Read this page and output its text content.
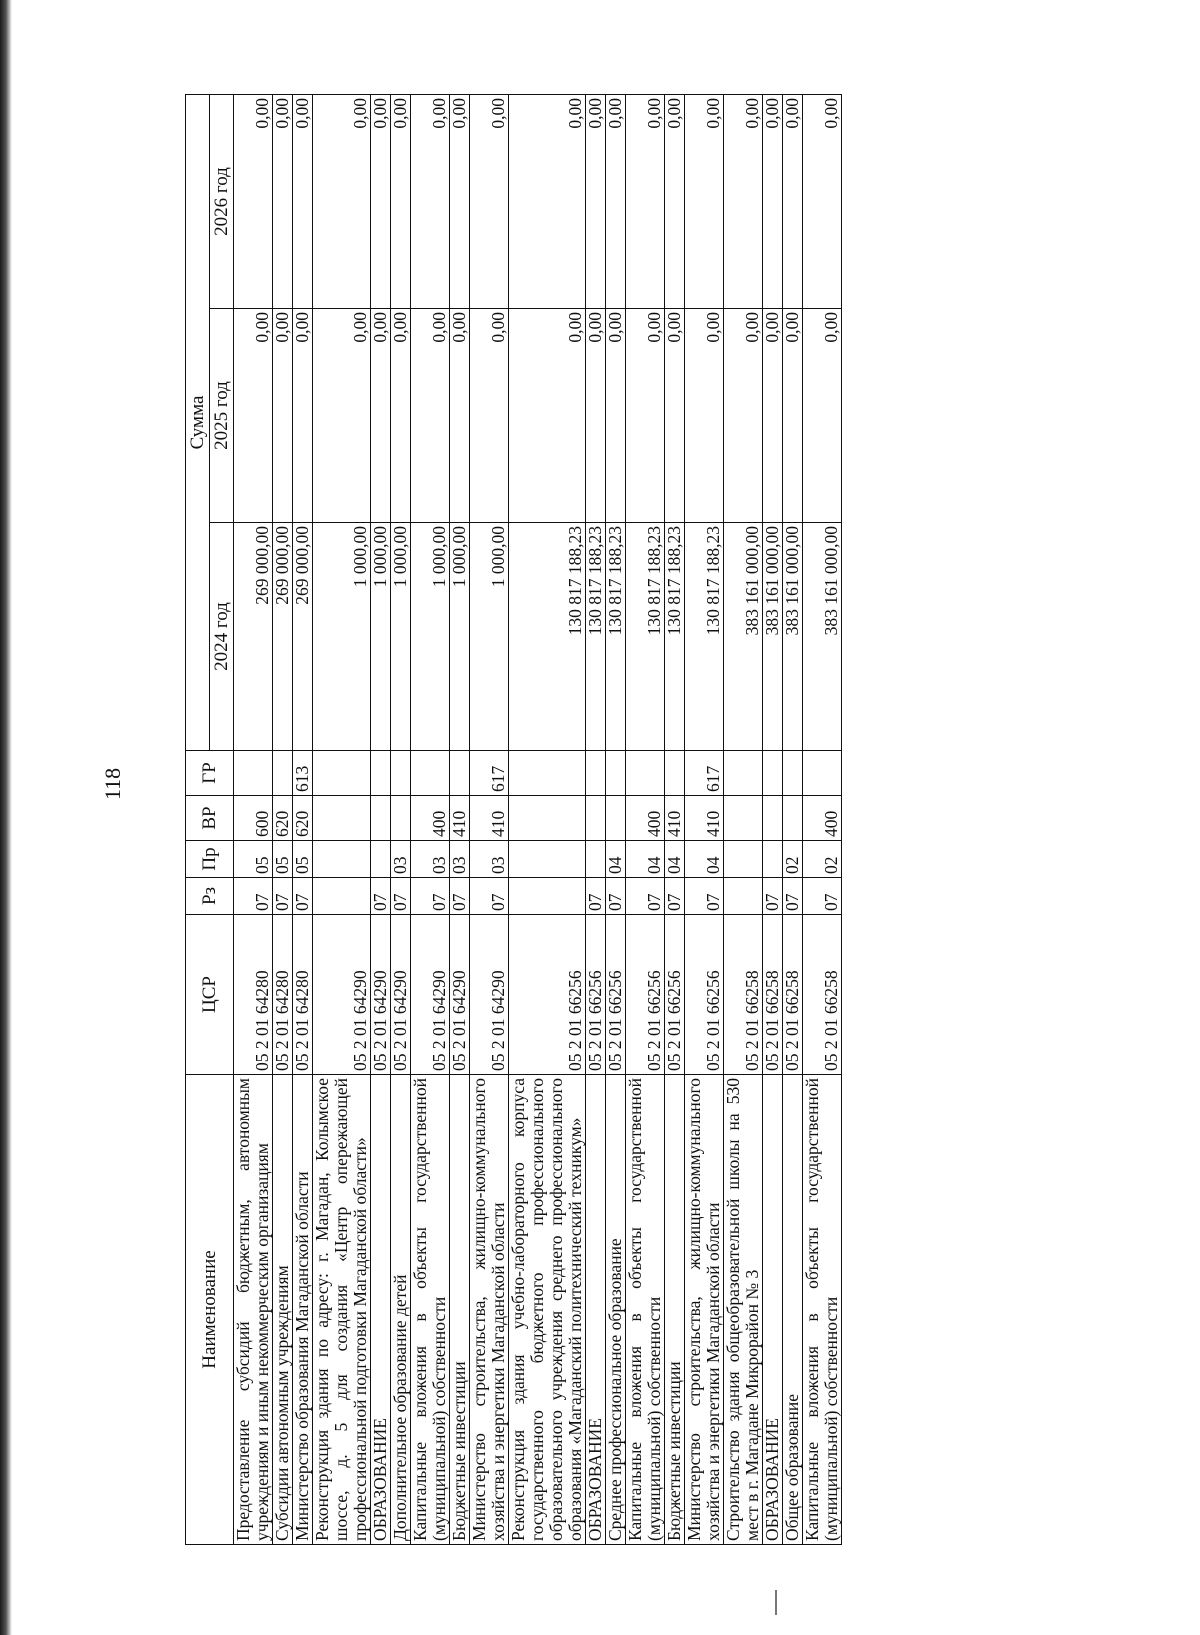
118
Наименование	ЦСР	Рз	Пр	ВР	ГР	Сумма		
						2024 год	2025 год	2026 год
Предоставление субсидий бюджетным, автономным учреждениям и иным некоммерческим организациям	05 2 01 64280	07	05	600		269 000,00	0,00	0,00
Субсидии автономным учреждениям	05 2 01 64280	07	05	620		269 000,00	0,00	0,00
Министерство образования Магаданской области	05 2 01 64280	07	05	620	613	269 000,00	0,00	0,00
Реконструкция здания по адресу: г. Магадан, Колымское шоссе, д. 5 для создания «Центр опережающей профессиональной подготовки Магаданской области»	05 2 01 64290					1 000,00	0,00	0,00
ОБРАЗОВАНИЕ	05 2 01 64290	07				1 000,00	0,00	0,00
Дополнительное образование детей	05 2 01 64290	07	03			1 000,00	0,00	0,00
Капитальные вложения в объекты государственной (муниципальной) собственности	05 2 01 64290	07	03	400		1 000,00	0,00	0,00
Бюджетные инвестиции	05 2 01 64290	07	03	410		1 000,00	0,00	0,00
Министерство строительства, жилищно-коммунального хозяйства и энергетики Магаданской области	05 2 01 64290	07	03	410	617	1 000,00	0,00	0,00
Реконструкция здания учебно-лабораторного корпуса государственного бюджетного профессионального образовательного учреждения среднего профессионального образования «Магаданский политехнический техникум»	05 2 01 66256					130 817 188,23	0,00	0,00
ОБРАЗОВАНИЕ	05 2 01 66256	07				130 817 188,23	0,00	0,00
Среднее профессиональное образование	05 2 01 66256	07	04			130 817 188,23	0,00	0,00
Капитальные вложения в объекты государственной (муниципальной) собственности	05 2 01 66256	07	04	400		130 817 188,23	0,00	0,00
Бюджетные инвестиции	05 2 01 66256	07	04	410		130 817 188,23	0,00	0,00
Министерство строительства, жилищно-коммунального хозяйства и энергетики Магаданской области	05 2 01 66256	07	04	410	617	130 817 188,23	0,00	0,00
Строительство здания общеобразовательной школы на 530 мест в г. Магадане Микрорайон № 3	05 2 01 66258					383 161 000,00	0,00	0,00
ОБРАЗОВАНИЕ	05 2 01 66258	07				383 161 000,00	0,00	0,00
Общее образование	05 2 01 66258	07	02			383 161 000,00	0,00	0,00
Капитальные вложения в объекты государственной (муниципальной) собственности	05 2 01 66258	07	02	400		383 161 000,00	0,00	0,00
